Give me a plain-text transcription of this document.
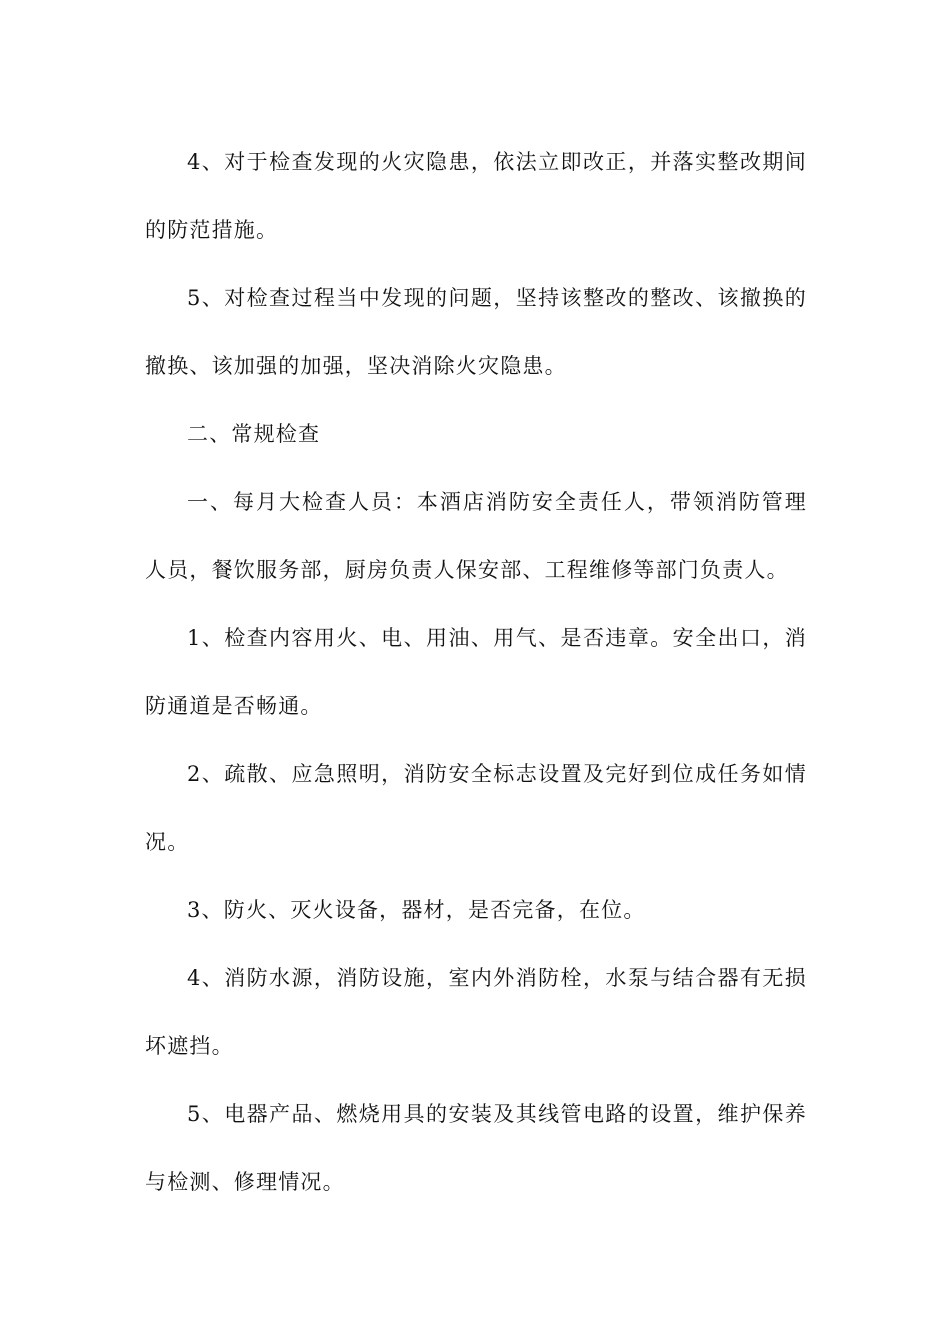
4、对于检查发现的火灾隐患，依法立即改正，并落实整改期间的防范措施。

5、对检查过程当中发现的问题，坚持该整改的整改、该撤换的撤换、该加强的加强，坚决消除火灾隐患。

二、常规检查

一、每月大检查人员：本酒店消防安全责任人，带领消防管理人员，餐饮服务部，厨房负责人保安部、工程维修等部门负责人。

1、检查内容用火、电、用油、用气、是否违章。安全出口，消防通道是否畅通。

2、疏散、应急照明，消防安全标志设置及完好到位成任务如情况。

3、防火、灭火设备，器材，是否完备，在位。

4、消防水源，消防设施，室内外消防栓，水泵与结合器有无损坏遮挡。

5、电器产品、燃烧用具的安装及其线管电路的设置，维护保养与检测、修理情况。
